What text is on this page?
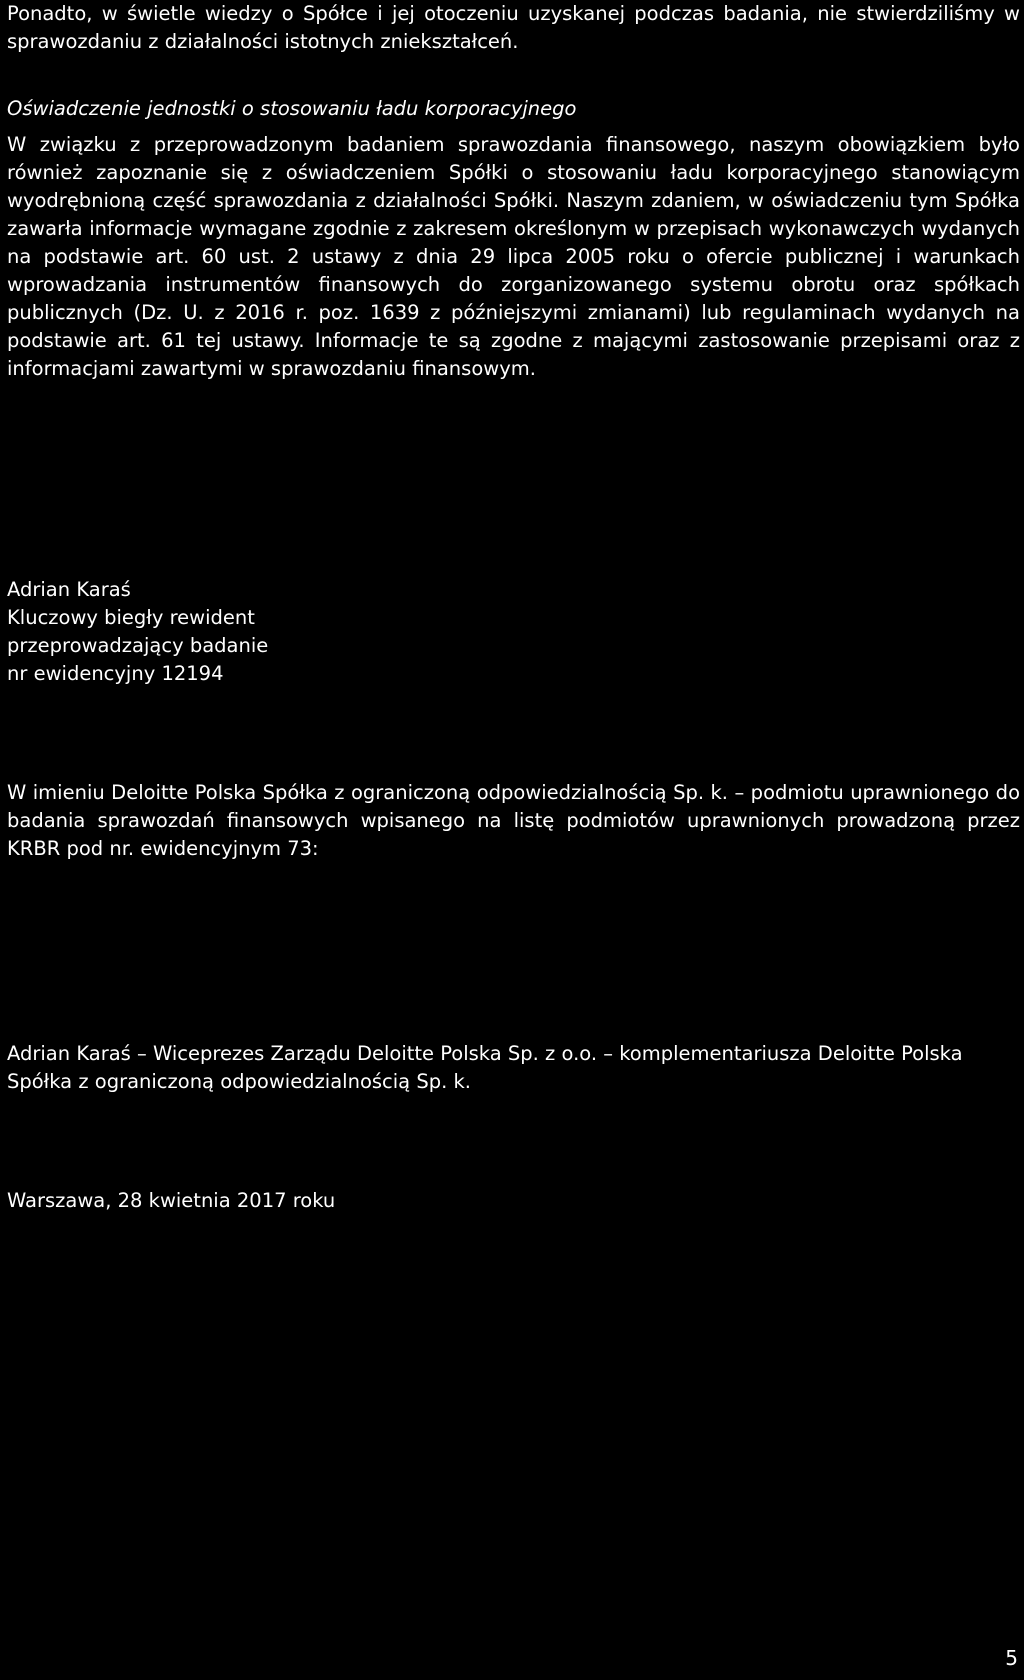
Ponadto, w świetle wiedzy o Spółce i jej otoczeniu uzyskanej podczas badania, nie stwierdziliśmy w sprawozdaniu z działalności istotnych zniekształceń.

Oświadczenie jednostki o stosowaniu ładu korporacyjnego

W związku z przeprowadzonym badaniem sprawozdania finansowego, naszym obowiązkiem było również zapoznanie się z oświadczeniem Spółki o stosowaniu ładu korporacyjnego stanowiącym wyodrębnioną część sprawozdania z działalności Spółki. Naszym zdaniem, w oświadczeniu tym Spółka zawarła informacje wymagane zgodnie z zakresem określonym w przepisach wykonawczych wydanych na podstawie art. 60 ust. 2 ustawy z dnia 29 lipca 2005 roku o ofercie publicznej i warunkach wprowadzania instrumentów finansowych do zorganizowanego systemu obrotu oraz spółkach publicznych (Dz. U. z 2016 r. poz. 1639 z późniejszymi zmianami) lub regulaminach wydanych na podstawie art. 61 tej ustawy. Informacje te są zgodne z mającymi zastosowanie przepisami oraz z informacjami zawartymi w sprawozdaniu finansowym.

Adrian Karaś

Kluczowy biegły rewident

przeprowadzający badanie

nr ewidencyjny 12194

W imieniu Deloitte Polska Spółka z ograniczoną odpowiedzialnością Sp. k. – podmiotu uprawnionego do badania sprawozdań finansowych wpisanego na listę podmiotów uprawnionych prowadzoną przez KRBR pod nr. ewidencyjnym 73:

Adrian Karaś – Wiceprezes Zarządu Deloitte Polska Sp. z o.o. – komplementariusza Deloitte Polska Spółka z ograniczoną odpowiedzialnością Sp. k.

Warszawa, 28 kwietnia 2017 roku

5
